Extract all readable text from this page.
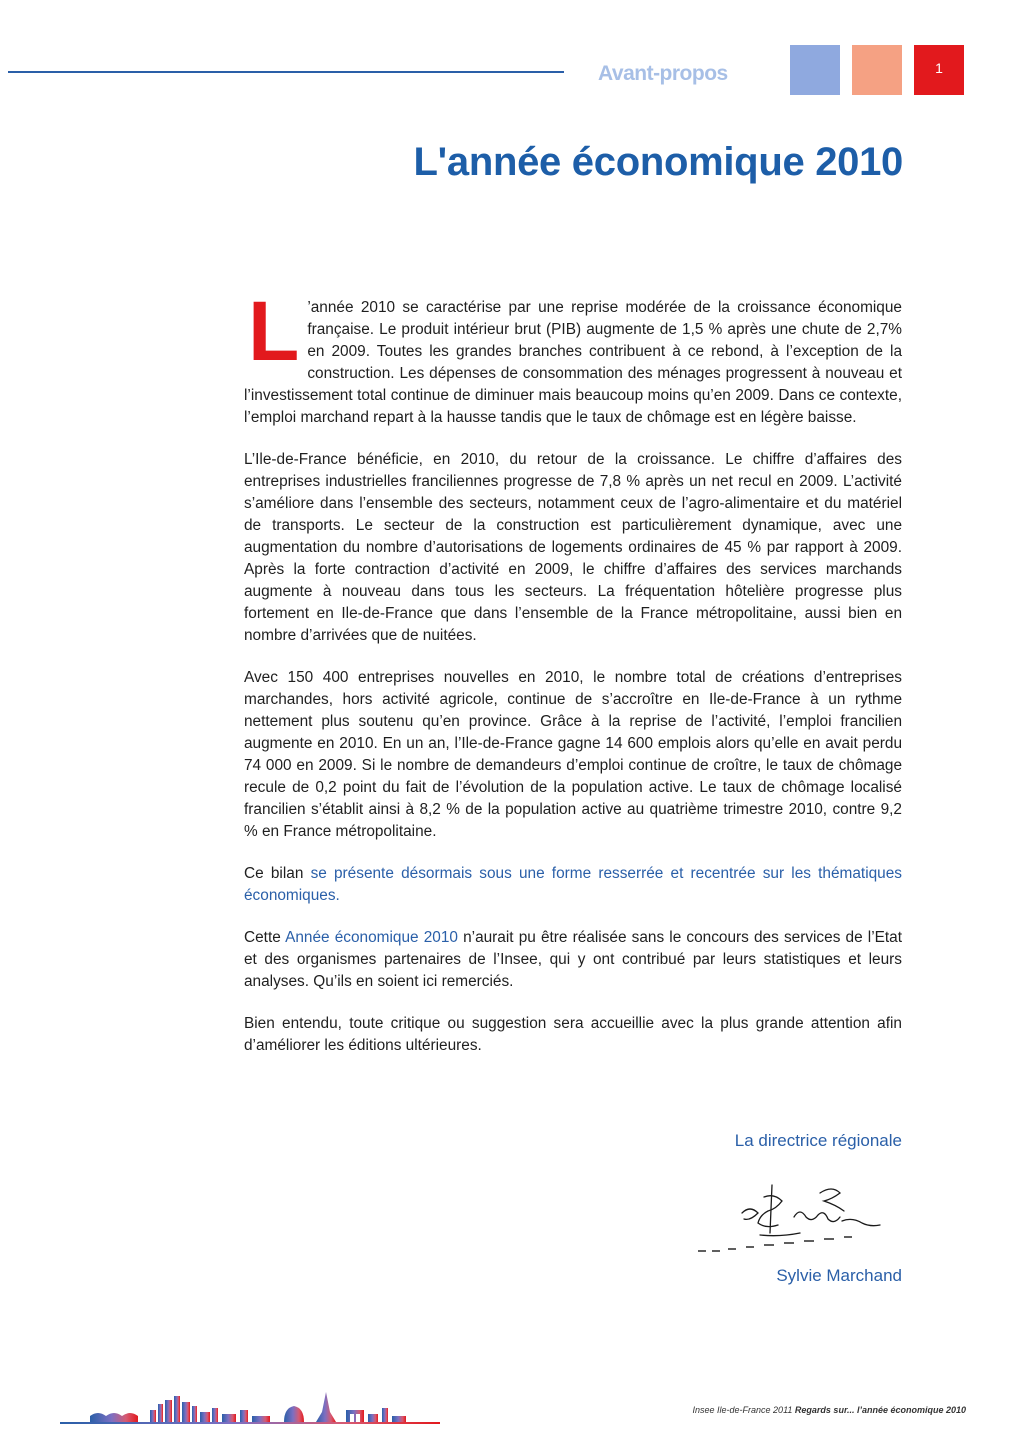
Avant-propos	1
L'année économique 2010

L ’année 2010 se caractérise par une reprise modérée de la croissance économique française. Le produit intérieur brut (PIB) augmente de 1,5 % après une chute de 2,7% en 2009. Toutes les grandes branches contribuent à ce rebond, à l’exception de la construction. Les dépenses de consommation des ménages progressent à nouveau et l’investissement total continue de diminuer mais beaucoup moins qu’en 2009. Dans ce contexte, l’emploi marchand repart à la hausse tandis que le taux de chômage est en légère baisse.

L’Ile-de-France bénéficie, en 2010, du retour de la croissance. Le chiffre d’affaires des entreprises industrielles franciliennes progresse de 7,8 % après un net recul en 2009. L’activité s’améliore dans l’ensemble des secteurs, notamment ceux de l’agro-alimentaire et du matériel de transports. Le secteur de la construction est particulièrement dynamique, avec une augmentation du nombre d’autorisations de logements ordinaires de 45 % par rapport à 2009. Après la forte contraction d’activité en 2009, le chiffre d’affaires des services marchands augmente à nouveau dans tous les secteurs. La fréquentation hôtelière progresse plus fortement en Ile-de-France que dans l’ensemble de la France métropolitaine, aussi bien en nombre d’arrivées que de nuitées.

Avec 150 400 entreprises nouvelles en 2010, le nombre total de créations d’entreprises marchandes, hors activité agricole, continue de s’accroître en Ile-de-France à un rythme nettement plus soutenu qu’en province. Grâce à la reprise de l’activité, l’emploi francilien augmente en 2010. En un an, l’Ile-de-France gagne 14 600 emplois alors qu’elle en avait perdu 74 000 en 2009. Si le nombre de demandeurs d’emploi continue de croître, le taux de chômage recule de 0,2 point du fait de l’évolution de la population active. Le taux de chômage localisé francilien s’établit ainsi à 8,2 % de la population active au quatrième trimestre 2010, contre 9,2 % en France métropolitaine.

Ce bilan se présente désormais sous une forme resserrée et recentrée sur les thématiques économiques.

Cette Année économique 2010 n’aurait pu être réalisée sans le concours des services de l’Etat et des organismes partenaires de l’Insee, qui y ont contribué par leurs statistiques et leurs analyses. Qu’ils en soient ici remerciés.

Bien entendu, toute critique ou suggestion sera accueillie avec la plus grande attention afin d’améliorer les éditions ultérieures.

La directrice régionale
Sylvie Marchand
Insee Ile-de-France 2011 Regards sur... l’année économique 2010
